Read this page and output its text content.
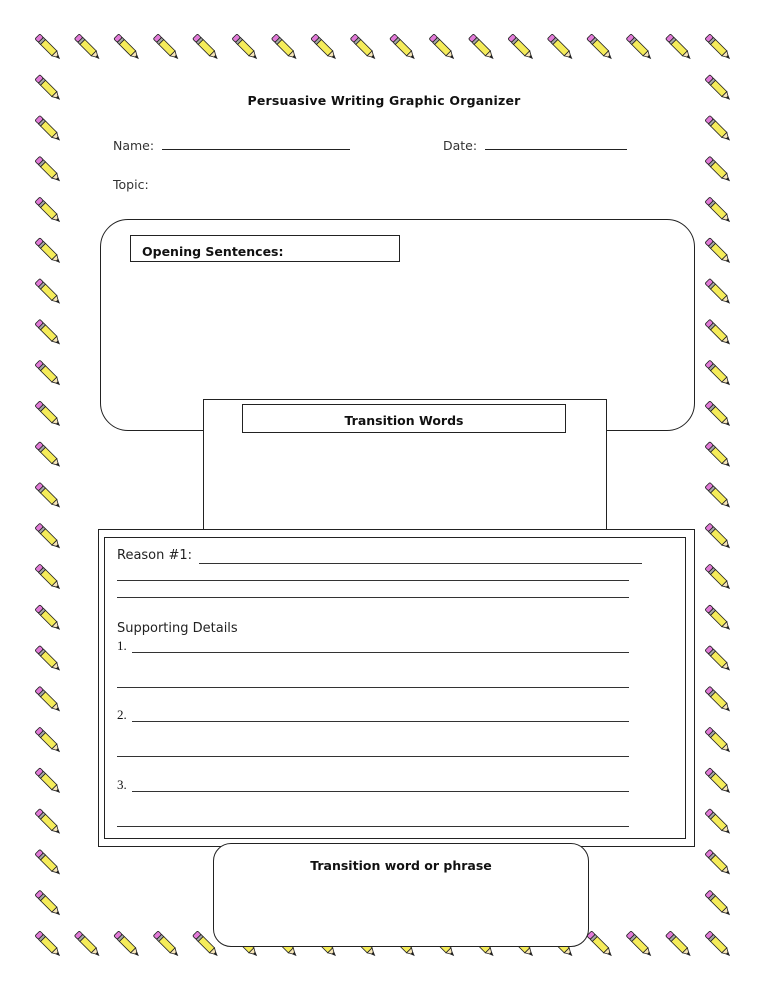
Persuasive Writing Graphic Organizer
Name:	Date:
Topic:
Opening Sentences:
Transition Words
Reason #1:
Supporting Details
1.
2.
3.
Transition word or phrase
